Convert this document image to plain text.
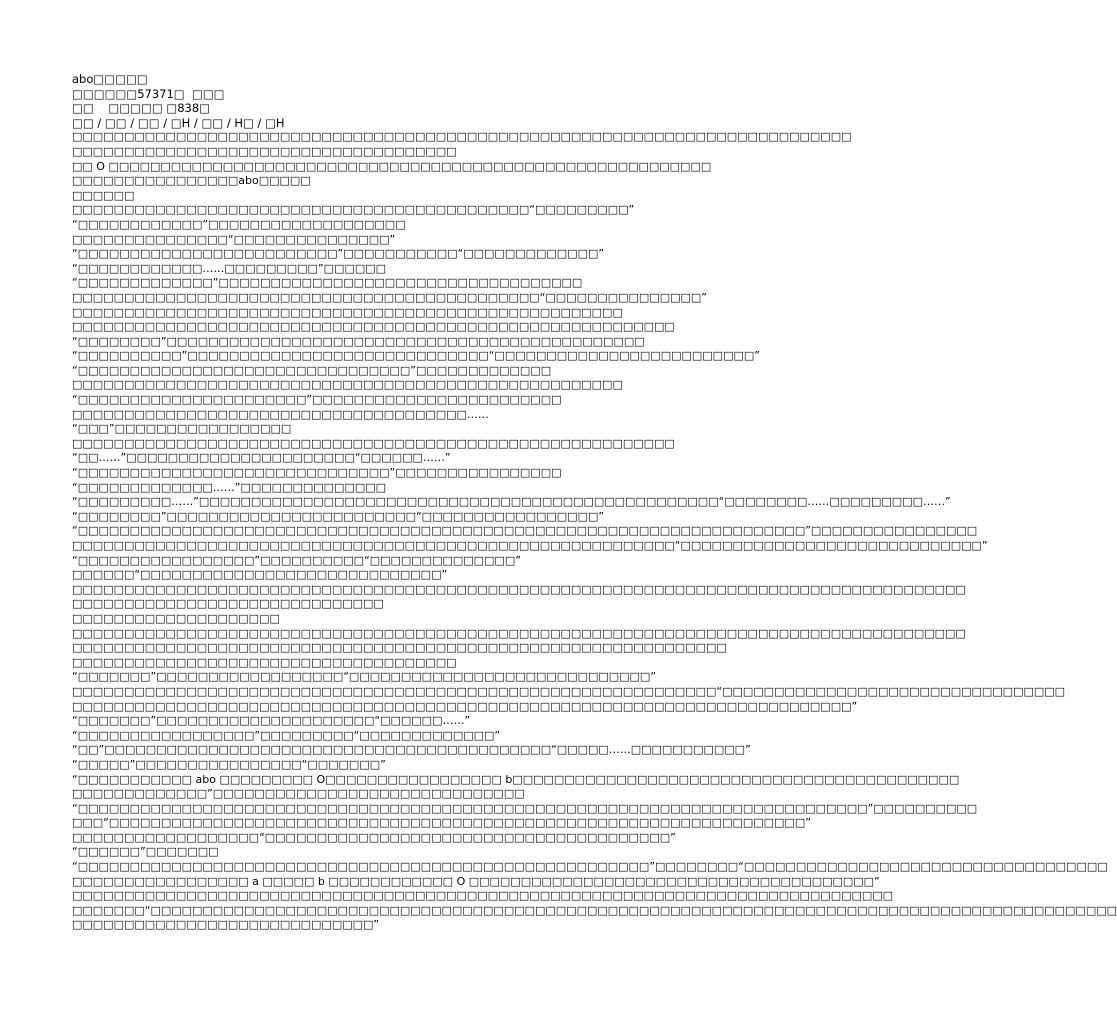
abo□□□□□
□□□□□□57371□  □□□
□□    □□□□□ □838□
□□ / □□ / □□ / □H / □□ / H□ / □H
□□□□□□□□□□□□□□□□□□□□□□□□□□□□□□□□□□□□□□□□□□□□□□□□□□□□□□□□□□□□□□□□□□□□□□□□□□□
□□□□□□□□□□□□□□□□□□□□□□□□□□□□□□□□□□□□□
□□ O □□□□□□□□□□□□□□□□□□□□□□□□□□□□□□□□□□□□□□□□□□□□□□□□□□□□□□□□□□
□□□□□□□□□□□□□□□□abo□□□□□
□□□□□□
□□□□□□□□□□□□□□□□□□□□□□□□□□□□□□□□□□□□□□□□□□□□“□□□□□□□□□”
“□□□□□□□□□□□□”□□□□□□□□□□□□□□□□□□□
□□□□□□□□□□□□□□□“□□□□□□□□□□□□□□□”
“□□□□□□□□□□□□□□□□□□□□□□□□□”□□□□□□□□□□□“□□□□□□□□□□□□□”
“□□□□□□□□□□□□……□□□□□□□□□”□□□□□□
“□□□□□□□□□□□□□”□□□□□□□□□□□□□□□□□□□□□□□□□□□□□□□□□□□
□□□□□□□□□□□□□□□□□□□□□□□□□□□□□□□□□□□□□□□□□□□□□“□□□□□□□□□□□□□□□”
□□□□□□□□□□□□□□□□□□□□□□□□□□□□□□□□□□□□□□□□□□□□□□□□□□□□□
□□□□□□□□□□□□□□□□□□□□□□□□□□□□□□□□□□□□□□□□□□□□□□□□□□□□□□□□□□
“□□□□□□□□”□□□□□□□□□□□□□□□□□□□□□□□□□□□□□□□□□□□□□□□□□□□□□□
“□□□□□□□□□□”□□□□□□□□□□□□□□□□□□□□□□□□□□□□□“□□□□□□□□□□□□□□□□□□□□□□□□□”
“□□□□□□□□□□□□□□□□□□□□□□□□□□□□□□□□”□□□□□□□□□□□□□
□□□□□□□□□□□□□□□□□□□□□□□□□□□□□□□□□□□□□□□□□□□□□□□□□□□□□
“□□□□□□□□□□□□□□□□□□□□□□”□□□□□□□□□□□□□□□□□□□□□□□□
□□□□□□□□□□□□□□□□□□□□□□□□□□□□□□□□□□□□□□……
“□□□”□□□□□□□□□□□□□□□□□
□□□□□□□□□□□□□□□□□□□□□□□□□□□□□□□□□□□□□□□□□□□□□□□□□□□□□□□□□□
“□□……”□□□□□□□□□□□□□□□□□□□□□□“□□□□□□……”
“□□□□□□□□□□□□□□□□□□□□□□□□□□□□□□”□□□□□□□□□□□□□□□□
“□□□□□□□□□□□□□……”□□□□□□□□□□□□□□
“□□□□□□□□□……”□□□□□□□□□□□□□□□□□□□□□□□□□□□□□□□□□□□□□□□□□□□□□□□□□□“□□□□□□□□……□□□□□□□□□……”
“□□□□□□□□”□□□□□□□□□□□□□□□□□□□□□□□□“□□□□□□□□□□□□□□□□□”
“□□□□□□□□□□□□□□□□□□□□□□□□□□□□□□□□□□□□□□□□□□□□□□□□□□□□□□□□□□□□□□□□□□□□□□”□□□□□□□□□□□□□□□□
□□□□□□□□□□□□□□□□□□□□□□□□□□□□□□□□□□□□□□□□□□□□□□□□□□□□□□□□□□“□□□□□□□□□□□□□□□□□□□□□□□□□□□□□”
“□□□□□□□□□□□□□□□□□”□□□□□□□□□□“□□□□□□□□□□□□□□”
□□□□□□“□□□□□□□□□□□□□□□□□□□□□□□□□□□□□”
□□□□□□□□□□□□□□□□□□□□□□□□□□□□□□□□□□□□□□□□□□□□□□□□□□□□□□□□□□□□□□□□□□□□□□□□□□□□□□□□□□□□□□
□□□□□□□□□□□□□□□□□□□□□□□□□□□□□□
□□□□□□□□□□□□□□□□□□□□
□□□□□□□□□□□□□□□□□□□□□□□□□□□□□□□□□□□□□□□□□□□□□□□□□□□□□□□□□□□□□□□□□□□□□□□□□□□□□□□□□□□□□□
□□□□□□□□□□□□□□□□□□□□□□□□□□□□□□□□□□□□□□□□□□□□□□□□□□□□□□□□□□□□□□□
□□□□□□□□□□□□□□□□□□□□□□□□□□□□□□□□□□□□□
“□□□□□□□”□□□□□□□□□□□□□□□□□□“□□□□□□□□□□□□□□□□□□□□□□□□□□□□□”
□□□□□□□□□□□□□□□□□□□□□□□□□□□□□□□□□□□□□□□□□□□□□□□□□□□□□□□□□□□□□□“□□□□□□□□□□□□□□□□□□□□□□□□□□□□□□□□□
□□□□□□□□□□□□□□□□□□□□□□□□□□□□□□□□□□□□□□□□□□□□□□□□□□□□□□□□□□□□□□□□□□□□□□□□□□□”
“□□□□□□□”□□□□□□□□□□□□□□□□□□□□□“□□□□□□……”
“□□□□□□□□□□□□□□□□□”□□□□□□□□□“□□□□□□□□□□□□□”
“□□”□□□□□□□□□□□□□□□□□□□□□□□□□□□□□□□□□□□□□□□□□□□“□□□□□……□□□□□□□□□□□”
“□□□□□”□□□□□□□□□□□□□□□□“□□□□□□□”
“□□□□□□□□□□□ abo □□□□□□□□□ O□□□□□□□□□□□□□□□□□ b□□□□□□□□□□□□□□□□□□□□□□□□□□□□□□□□□□□□□□□□□□□
□□□□□□□□□□□□□”□□□□□□□□□□□□□□□□□□□□□□□□□□□□□□
“□□□□□□□□□□□□□□□□□□□□□□□□□□□□□□□□□□□□□□□□□□□□□□□□□□□□□□□□□□□□□□□□□□□□□□□□□□□□”□□□□□□□□□□
□□□“□□□□□□□□□□□□□□□□□□□□□□□□□□□□□□□□□□□□□□□□□□□□□□□□□□□□□□□□□□□□□□□□□□□”
□□□□□□□□□□□□□□□□□□“□□□□□□□□□□□□□□□□□□□□□□□□□□□□□□□□□□□□□□□”
“□□□□□□”□□□□□□□
“□□□□□□□□□□□□□□□□□□□□□□□□□□□□□□□□□□□□□□□□□□□□□□□□□□□□□□□”□□□□□□□□“□□□□□□□□□□□□□□□□□□□□□□□□□□□□□□□□□□□
□□□□□□□□□□□□□□□□□ a □□□□□ b □□□□□□□□□□□□ O □□□□□□□□□□□□□□□□□□□□□□□□□□□□□□□□□□□□□□□”
□□□□□□□□□□□□□□□□□□□□□□□□□□□□□□□□□□□□□□□□□□□□□□□□□□□□□□□□□□□□□□□□□□□□□□□□□□□□□□□
□□□□□□□“□□□□□□□□□□□□□□□□□□□□□□□□□□□□□□□□□□□□□□□□□□□□□□□□□□□□□□□□□□□□□□□□□□□□□□□□□□□□□□□□□□□□□□□□□□□□□
□□□□□□□□□□□□□□□□□□□□□□□□□□□□□”
